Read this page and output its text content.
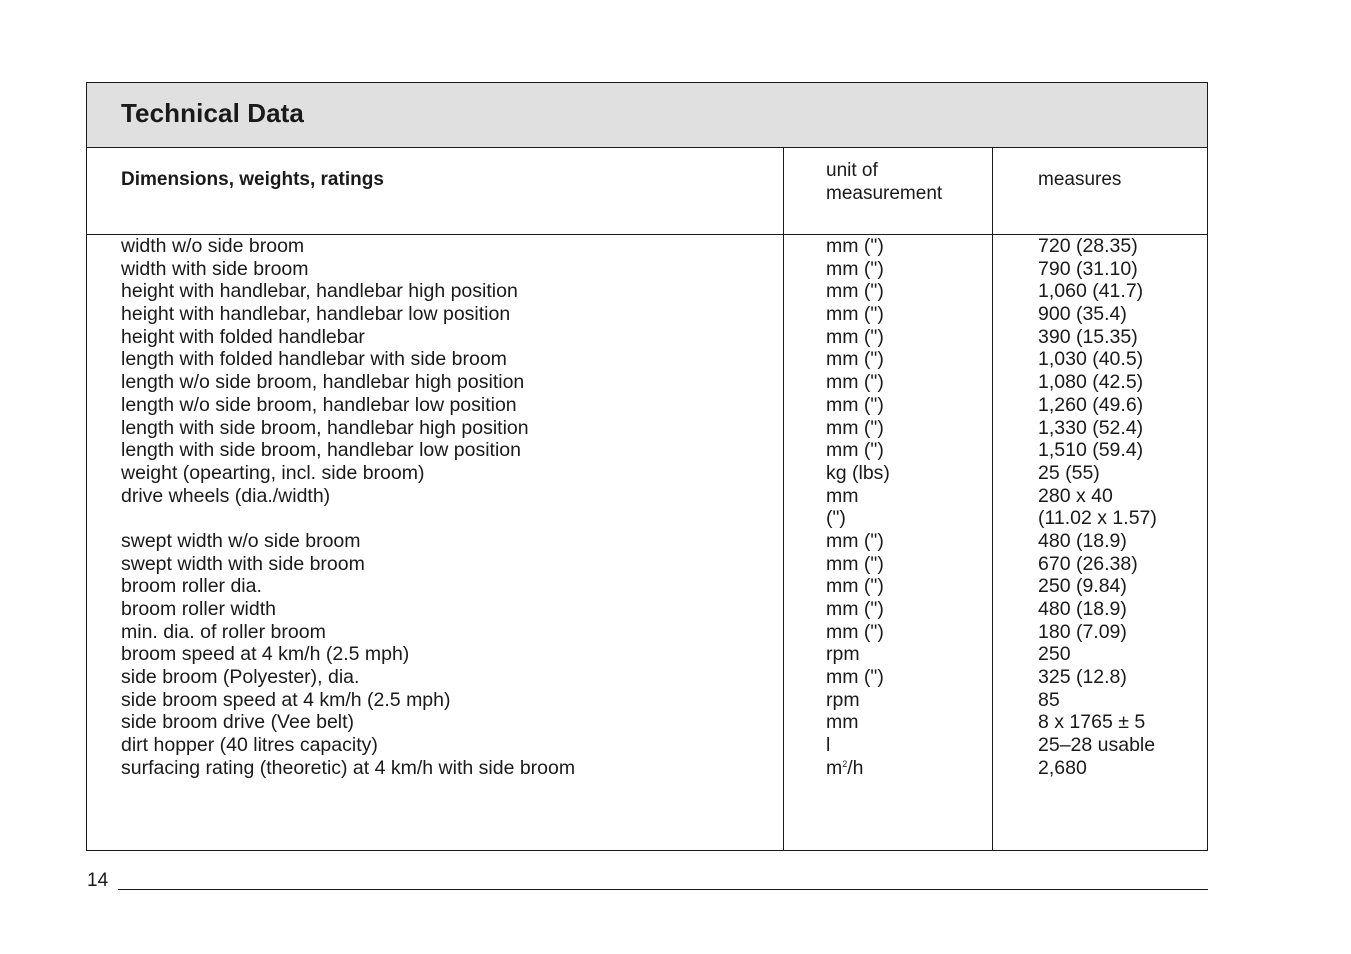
Technical Data
Dimensions, weights, ratings	unit of
measurement
measures
width w/o side broom
width with side broom
height with handlebar, handlebar high position
height with handlebar, handlebar low position
height with folded handlebar
length with folded handlebar with side broom
length w/o side broom, handlebar high position
length w/o side broom, handlebar low position
length with side broom, handlebar high position
length with side broom, handlebar low position
weight (opearting, incl. side broom)
drive wheels (dia./width)
swept width w/o side broom
swept width with side broom
broom roller dia.
broom roller width
min. dia. of roller broom
broom speed at 4 km/h (2.5 mph)
side broom (Polyester), dia.
side broom speed at 4 km/h (2.5 mph)
side broom drive (Vee belt)
dirt hopper (40 litres capacity)
surfacing rating (theoretic) at 4 km/h with side broom
mm (")
mm (")
mm (")
mm (")
mm (")
mm (")
mm (")
mm (")
mm (")
mm (")
kg (lbs)
mm
(")
mm (")
mm (")
mm (")
mm (")
mm (")
rpm
mm (")
rpm
mm
l
$m^2/h$
720 (28.35)
790 (31.10)
1,060 (41.7)
900 (35.4)
390 (15.35)
1,030 (40.5)
1,080 (42.5)
1,260 (49.6)
1,330 (52.4)
1,510 (59.4)
25 (55)
280 x 40
(11.02 x 1.57)
480 (18.9)
670 (26.38)
250 (9.84)
480 (18.9)
180 (7.09)
250
325 (12.8)
85
8 x 1765 ± 5
25–28 usable
2,680
14
